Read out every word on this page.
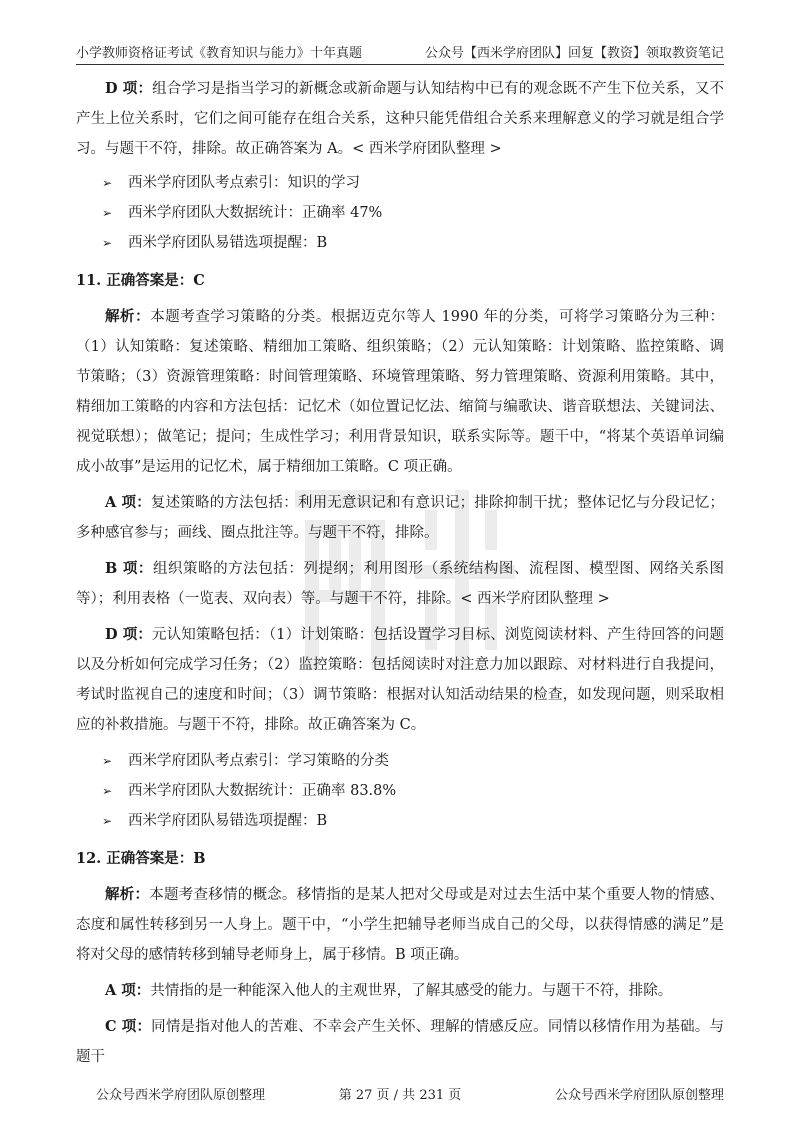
小学教师资格证考试《教育知识与能力》十年真题	公众号【西米学府团队】回复【教资】领取教资笔记

D 项：组合学习是指当学习的新概念或新命题与认知结构中已有的观念既不产生下位关系，又不产生上位关系时，它们之间可能存在组合关系，这种只能凭借组合关系来理解意义的学习就是组合学习。与题干不符，排除。故正确答案为 A。< 西米学府团队整理 >

➢ 西米学府团队考点索引：知识的学习
➢ 西米学府团队大数据统计：正确率 47%
➢ 西米学府团队易错选项提醒：B
11. 正确答案是：C

解析：本题考查学习策略的分类。根据迈克尔等人 1990 年的分类，可将学习策略分为三种：（1）认知策略：复述策略、精细加工策略、组织策略；（2）元认知策略：计划策略、监控策略、调节策略；（3）资源管理策略：时间管理策略、环境管理策略、努力管理策略、资源利用策略。其中，精细加工策略的内容和方法包括：记忆术（如位置记忆法、缩简与编歌诀、谐音联想法、关键词法、视觉联想）；做笔记；提问；生成性学习；利用背景知识，联系实际等。题干中，“将某个英语单词编成小故事”是运用的记忆术，属于精细加工策略。C 项正确。

A 项：复述策略的方法包括：利用无意识记和有意识记；排除抑制干扰；整体记忆与分段记忆；多种感官参与；画线、圈点批注等。与题干不符，排除。

B 项：组织策略的方法包括：列提纲；利用图形（系统结构图、流程图、模型图、网络关系图等）；利用表格（一览表、双向表）等。与题干不符，排除。< 西米学府团队整理 >

D 项：元认知策略包括：（1）计划策略：包括设置学习目标、浏览阅读材料、产生待回答的问题以及分析如何完成学习任务；（2）监控策略：包括阅读时对注意力加以跟踪、对材料进行自我提问，考试时监视自己的速度和时间；（3）调节策略：根据对认知活动结果的检查，如发现问题，则采取相应的补救措施。与题干不符，排除。故正确答案为 C。

➢ 西米学府团队考点索引：学习策略的分类
➢ 西米学府团队大数据统计：正确率 83.8%
➢ 西米学府团队易错选项提醒：B
12. 正确答案是：B

解析：本题考查移情的概念。移情指的是某人把对父母或是对过去生活中某个重要人物的情感、态度和属性转移到另一人身上。题干中，“小学生把辅导老师当成自己的父母，以获得情感的满足”是将对父母的感情转移到辅导老师身上，属于移情。B 项正确。

A 项：共情指的是一种能深入他人的主观世界，了解其感受的能力。与题干不符，排除。

C 项：同情是指对他人的苦难、不幸会产生关怀、理解的情感反应。同情以移情作用为基础。与题干

公众号西米学府团队原创整理	第 27 页 / 共 231 页	公众号西米学府团队原创整理
